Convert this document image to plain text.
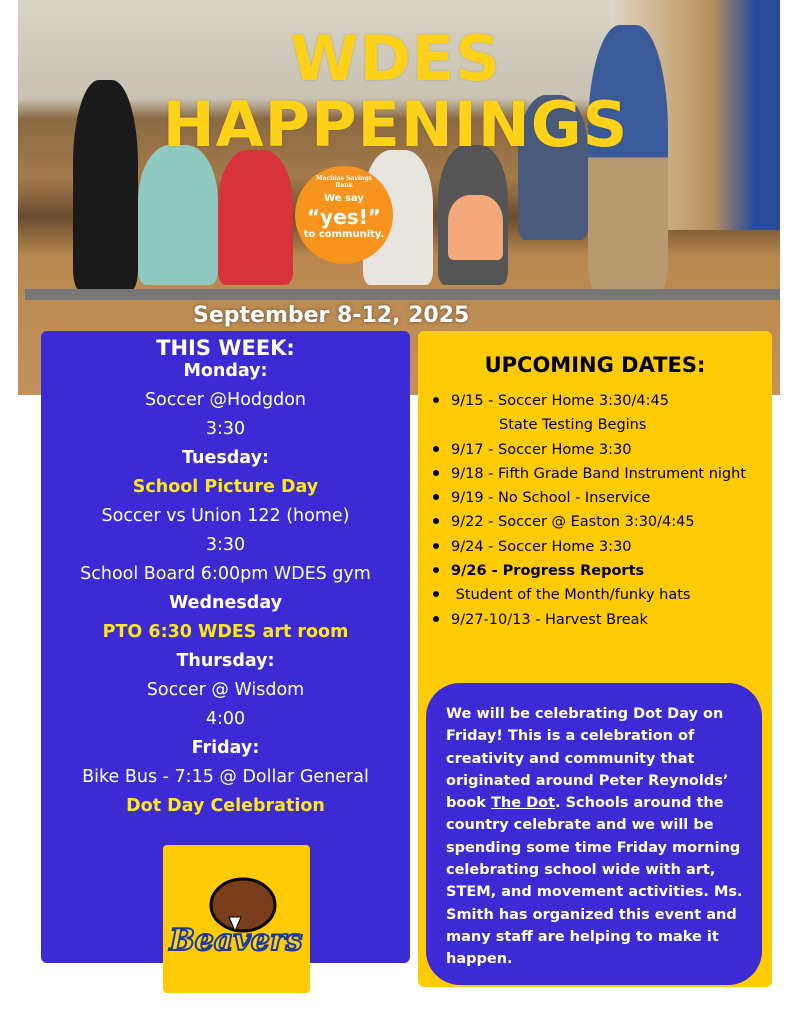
WDES
HAPPENINGS
Machias Savings Bank
We say
“yes!”
to community.
September 8-12, 2025
THIS WEEK:
Monday:
Soccer @Hodgdon
3:30
Tuesday:
School Picture Day
Soccer vs Union 122 (home)
3:30
School Board 6:00pm WDES gym
Wednesday
PTO 6:30 WDES art room
Thursday:
Soccer @ Wisdom
4:00
Friday:
Bike Bus - 7:15 @ Dollar General
Dot Day Celebration
Beavers
UPCOMING DATES:
9/15 - Soccer Home 3:30/4:45
State Testing Begins
9/17 - Soccer Home 3:30
9/18 - Fifth Grade Band Instrument night
9/19 - No School - Inservice
9/22 - Soccer @ Easton 3:30/4:45
9/24 - Soccer Home 3:30
9/26 - Progress Reports
Student of the Month/funky hats
9/27-10/13 - Harvest Break
We will be celebrating Dot Day on Friday! This is a celebration of creativity and community that originated around Peter Reynolds’ book The Dot. Schools around the country celebrate and we will be spending some time Friday morning celebrating school wide with art, STEM, and movement activities. Ms. Smith has organized this event and many staff are helping to make it happen.
